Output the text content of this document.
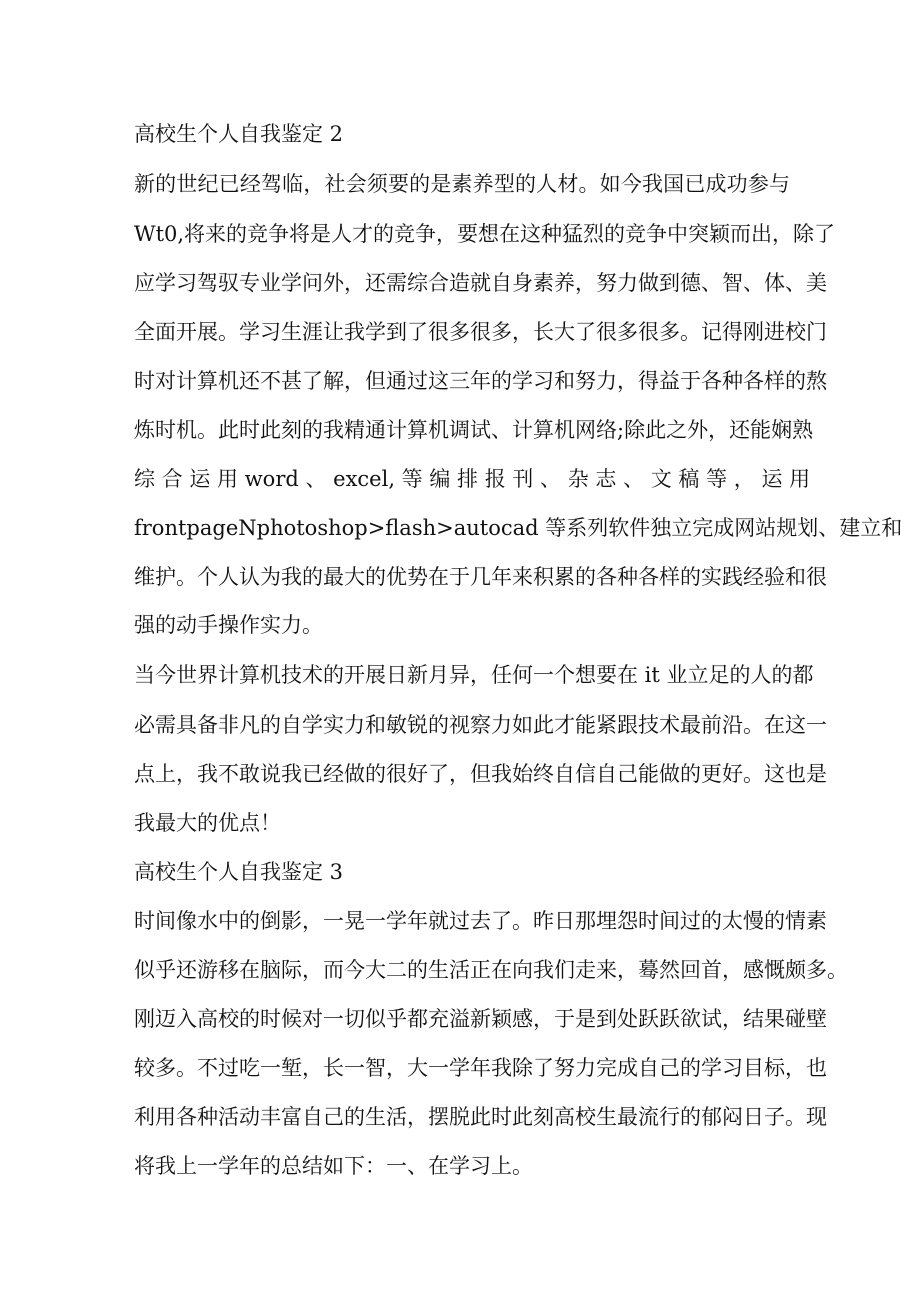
高校生个人自我鉴定 2
新的世纪已经驾临，社会须要的是素养型的人材。如今我国已成功参与
Wt0,将来的竞争将是人才的竞争，要想在这种猛烈的竞争中突颖而出，除了
应学习驾驭专业学问外，还需综合造就自身素养，努力做到德、智、体、美
全面开展。学习生涯让我学到了很多很多，长大了很多很多。记得刚进校门
时对计算机还不甚了解，但通过这三年的学习和努力，得益于各种各样的熬
炼时机。此时此刻的我精通计算机调试、计算机网络;除此之外，还能娴熟
综 合 运 用 word 、 excel, 等 编 排 报 刊 、 杂 志 、 文 稿 等 ， 运 用
frontpageNphotoshop>flash>autocad 等系列软件独立完成网站规划、建立和
维护。个人认为我的最大的优势在于几年来积累的各种各样的实践经验和很
强的动手操作实力。
当今世界计算机技术的开展日新月异，任何一个想要在 it 业立足的人的都
必需具备非凡的自学实力和敏锐的视察力如此才能紧跟技术最前沿。在这一
点上，我不敢说我已经做的很好了，但我始终自信自己能做的更好。这也是
我最大的优点！
高校生个人自我鉴定 3
时间像水中的倒影，一晃一学年就过去了。昨日那埋怨时间过的太慢的情素
似乎还游移在脑际，而今大二的生活正在向我们走来，蓦然回首，感慨颇多。
刚迈入高校的时候对一切似乎都充溢新颖感，于是到处跃跃欲试，结果碰壁
较多。不过吃一堑，长一智，大一学年我除了努力完成自己的学习目标，也
利用各种活动丰富自己的生活，摆脱此时此刻高校生最流行的郁闷日子。现
将我上一学年的总结如下：一、在学习上。
